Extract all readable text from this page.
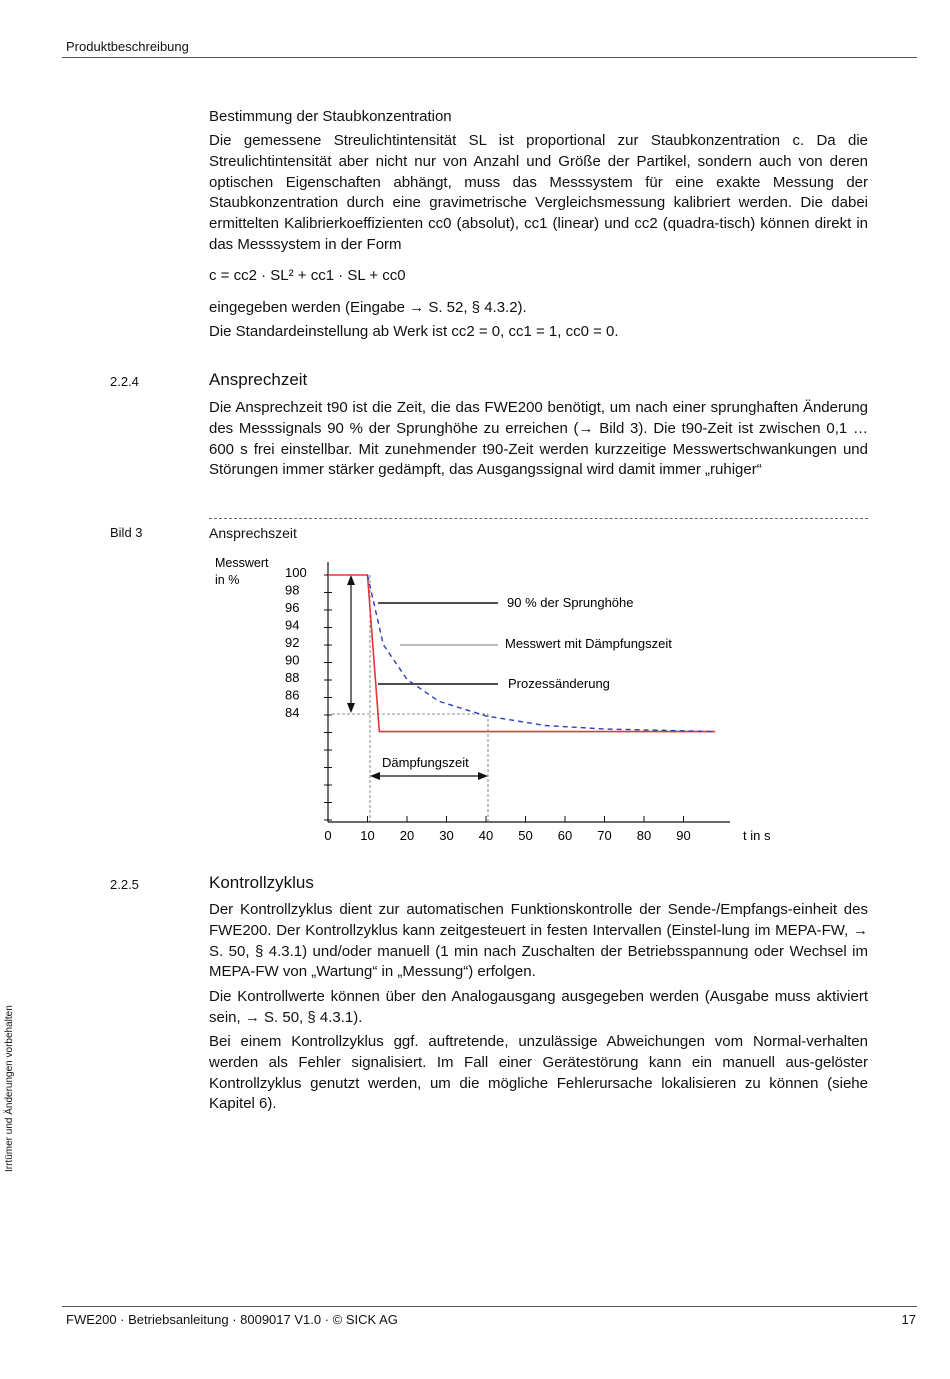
Produktbeschreibung
Bestimmung der Staubkonzentration

Die gemessene Streulichtintensität SL ist proportional zur Staubkonzentration c. Da die Streulichtintensität aber nicht nur von Anzahl und Größe der Partikel, sondern auch von deren optischen Eigenschaften abhängt, muss das Messsystem für eine exakte Messung der Staubkonzentration durch eine gravimetrische Vergleichsmessung kalibriert werden. Die dabei ermittelten Kalibrierkoeffizienten cc0 (absolut), cc1 (linear) und cc2 (quadra-tisch) können direkt in das Messsystem in der Form

c = cc2 · SL² + cc1 · SL + cc0
eingegeben werden (Eingabe → S. 52, § 4.3.2).
Die Standardeinstellung ab Werk ist cc2 = 0, cc1 = 1, cc0 = 0.
2.2.4	Ansprechzeit

Die Ansprechzeit t90 ist die Zeit, die das FWE200 benötigt, um nach einer sprunghaften Änderung des Messsignals 90 % der Sprunghöhe zu erreichen (→ Bild 3). Die t90-Zeit ist zwischen 0,1 … 600 s frei einstellbar. Mit zunehmender t90-Zeit werden kurzzeitige Messwertschwankungen und Störungen immer stärker gedämpft, das Ausgangssignal wird damit immer „ruhiger“

Bild 3	Ansprechszeit
Messwert
in %	100
98
96
94
92
90
88
86
84
0 10 20 30 40 50 60 70 80 90	t in s
Dämpfungszeit
90 % der Sprunghöhe
Messwert mit Dämpfungszeit
Prozessänderung
2.2.5	Kontrollzyklus

Der Kontrollzyklus dient zur automatischen Funktionskontrolle der Sende-/Empfangs-einheit des FWE200. Der Kontrollzyklus kann zeitgesteuert in festen Intervallen (Einstel-lung im MEPA-FW, → S. 50, § 4.3.1) und/oder manuell (1 min nach Zuschalten der Betriebsspannung oder Wechsel im MEPA-FW von „Wartung“ in „Messung“) erfolgen.

Die Kontrollwerte können über den Analogausgang ausgegeben werden (Ausgabe muss aktiviert sein, → S. 50, § 4.3.1).

Bei einem Kontrollzyklus ggf. auftretende, unzulässige Abweichungen vom Normal-verhalten werden als Fehler signalisiert. Im Fall einer Gerätestörung kann ein manuell aus-gelöster Kontrollzyklus genutzt werden, um die mögliche Fehlerursache lokalisieren zu können (siehe Kapitel 6).

Irrtümer und Änderungen vorbehalten
FWE200 · Betriebsanleitung · 8009017 V1.0 · © SICK AG	17
